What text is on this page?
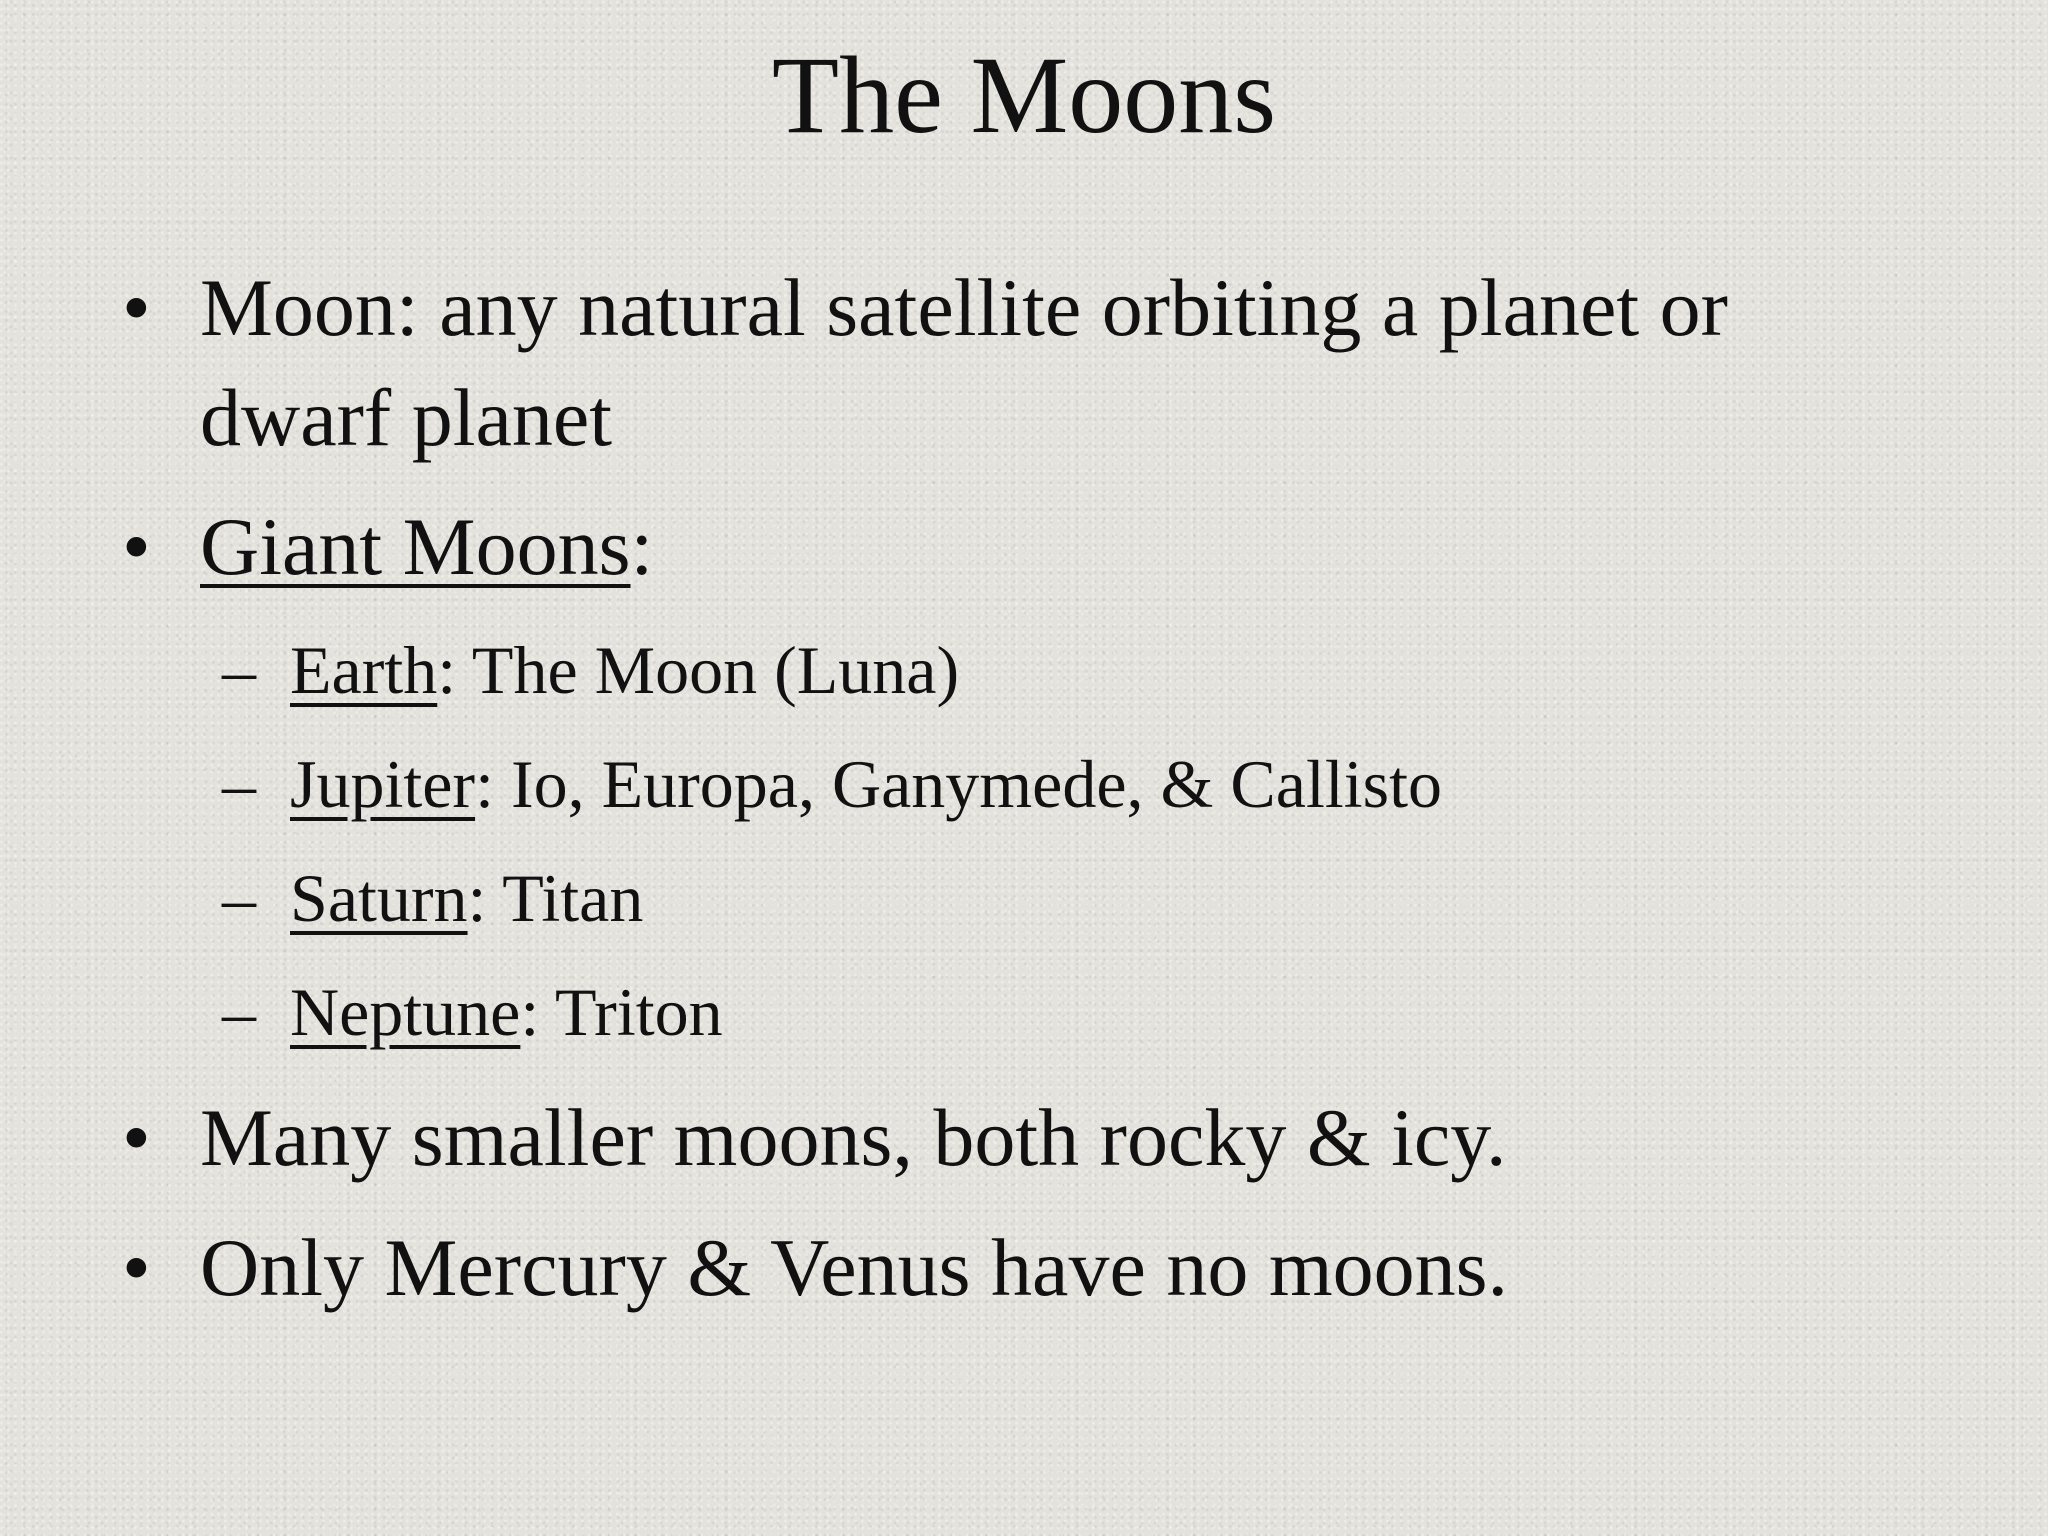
The Moons
• Moon: any natural satellite orbiting a planet or
dwarf planet
• Giant Moons:
– Earth: The Moon (Luna)
– Jupiter: Io, Europa, Ganymede, & Callisto
– Saturn: Titan
– Neptune: Triton
• Many smaller moons, both rocky & icy.
• Only Mercury & Venus have no moons.
